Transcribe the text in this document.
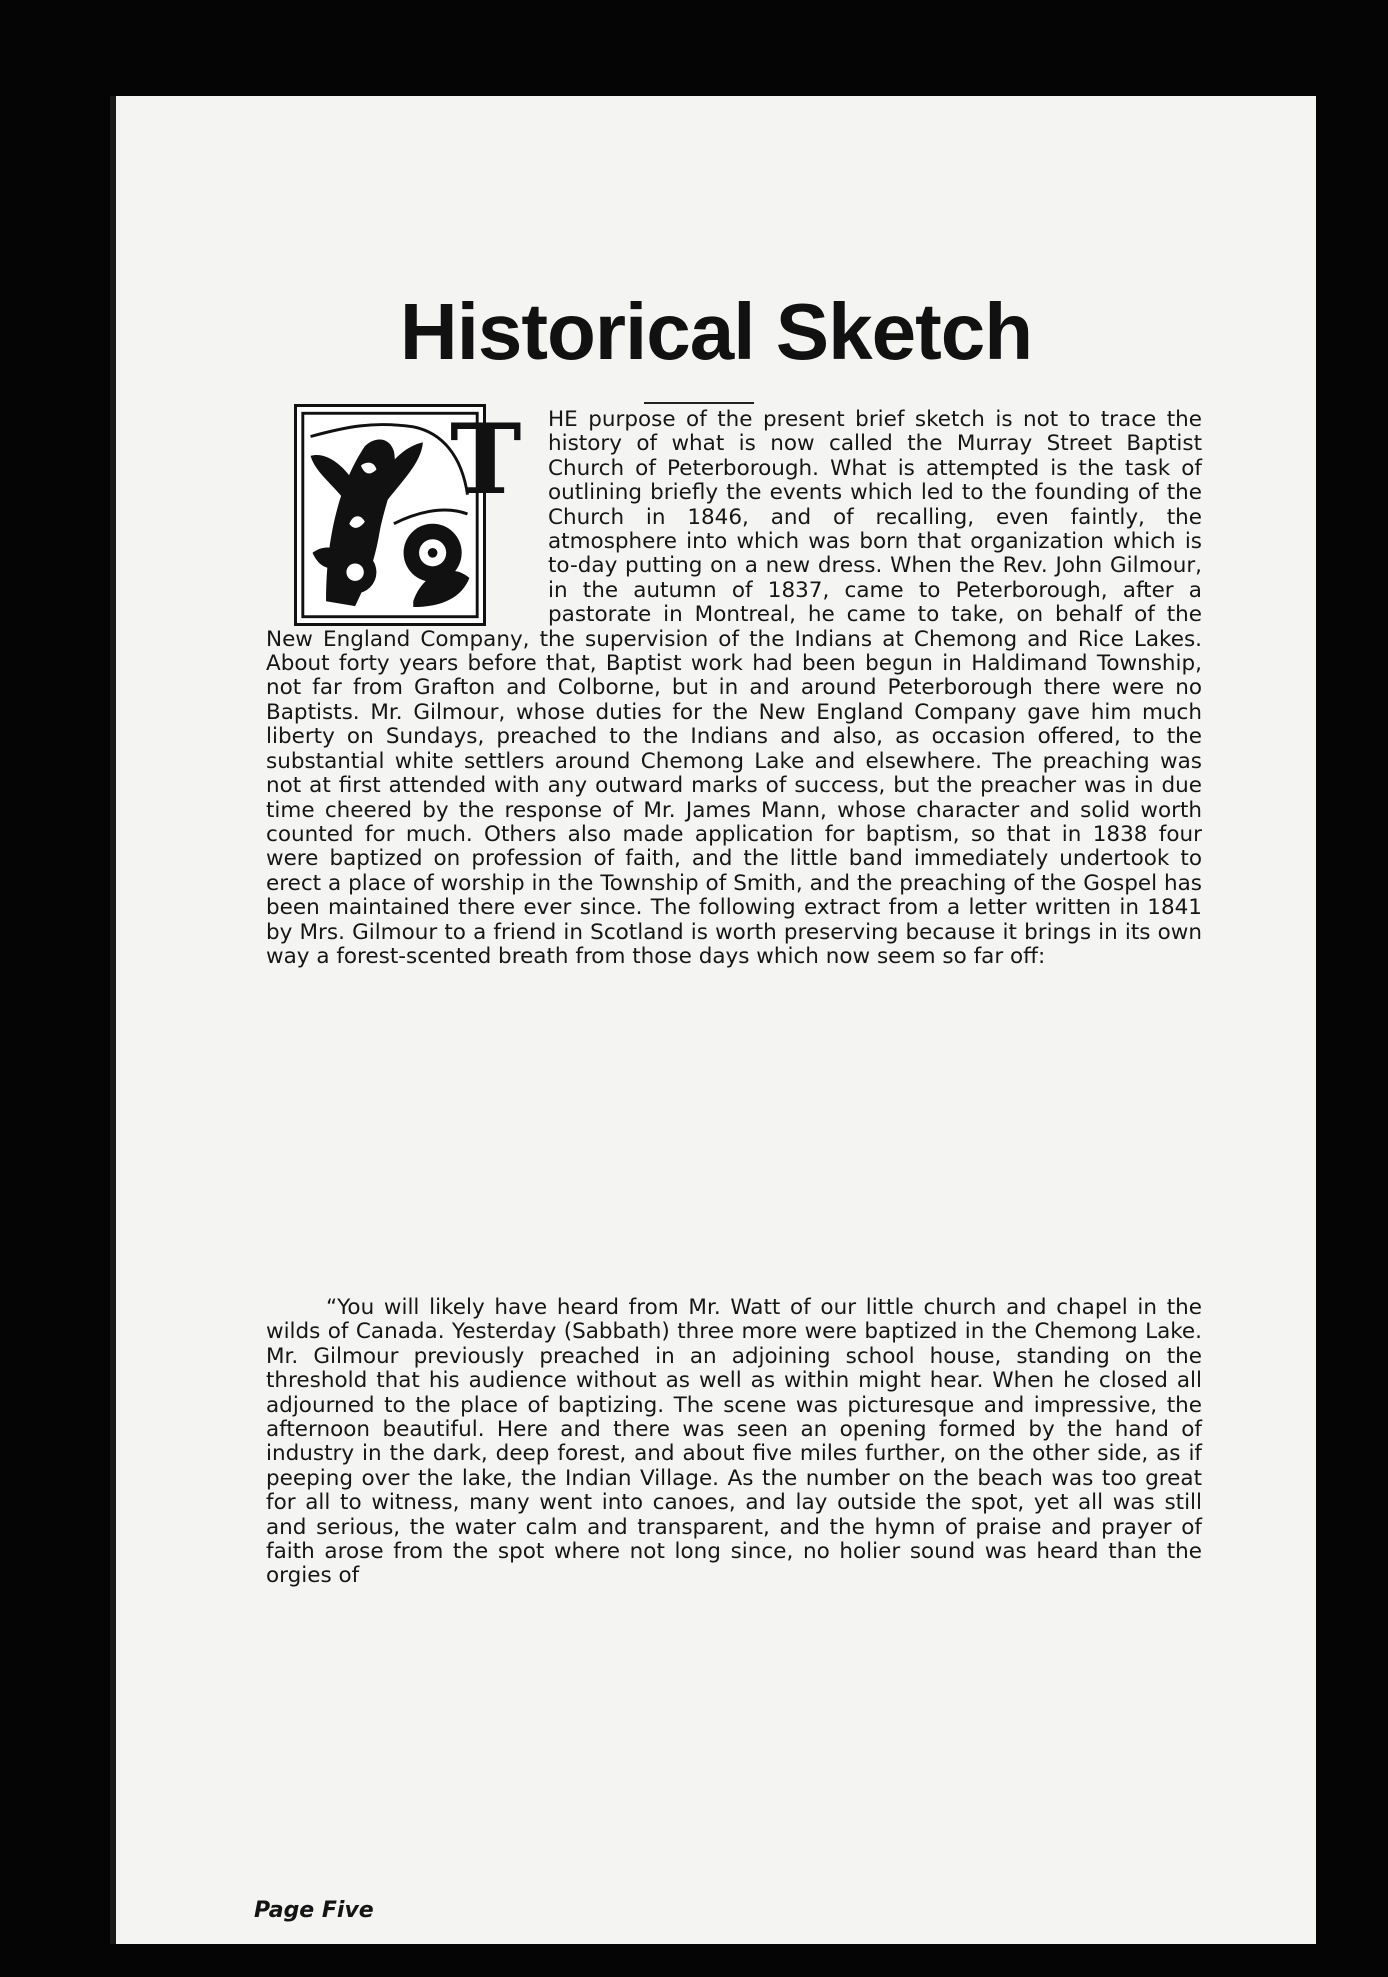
Historical Sketch
T	HE purpose of the present brief sketch is not to trace the history of what is now called the Murray Street Baptist Church of Peterborough. What is attempted is the task of outlining briefly the events which led to the founding of the Church in 1846, and of recalling, even faintly, the atmosphere into which was born that organization which is to-day putting on a new dress. When the Rev. John Gilmour, in the autumn of 1837, came to Peterborough, after a pastorate in Montreal, he came to take, on behalf of the New England Company, the supervision of the Indians at Chemong and Rice Lakes. About forty years before that, Baptist work had been begun in Haldimand Township, not far from Grafton and Colborne, but in and around Peterborough there were no Baptists. Mr. Gilmour, whose duties for the New England Company gave him much liberty on Sundays, preached to the Indians and also, as occasion offered, to the substantial white settlers around Chemong Lake and elsewhere. The preaching was not at first attended with any outward marks of success, but the preacher was in due time cheered by the response of Mr. James Mann, whose character and solid worth counted for much. Others also made application for baptism, so that in 1838 four were baptized on profession of faith, and the little band immediately undertook to erect a place of worship in the Township of Smith, and the preaching of the Gospel has been maintained there ever since. The following extract from a letter written in 1841 by Mrs. Gilmour to a friend in Scotland is worth preserving because it brings in its own way a forest-scented breath from those days which now seem so far off:

“You will likely have heard from Mr. Watt of our little church and chapel in the wilds of Canada. Yesterday (Sabbath) three more were baptized in the Chemong Lake. Mr. Gilmour previously preached in an adjoining school house, standing on the threshold that his audience without as well as within might hear. When he closed all adjourned to the place of baptizing. The scene was picturesque and impressive, the afternoon beautiful. Here and there was seen an opening formed by the hand of industry in the dark, deep forest, and about five miles further, on the other side, as if peeping over the lake, the Indian Village. As the number on the beach was too great for all to witness, many went into canoes, and lay outside the spot, yet all was still and serious, the water calm and transparent, and the hymn of praise and prayer of faith arose from the spot where not long since, no holier sound was heard than the orgies of

Page Five
